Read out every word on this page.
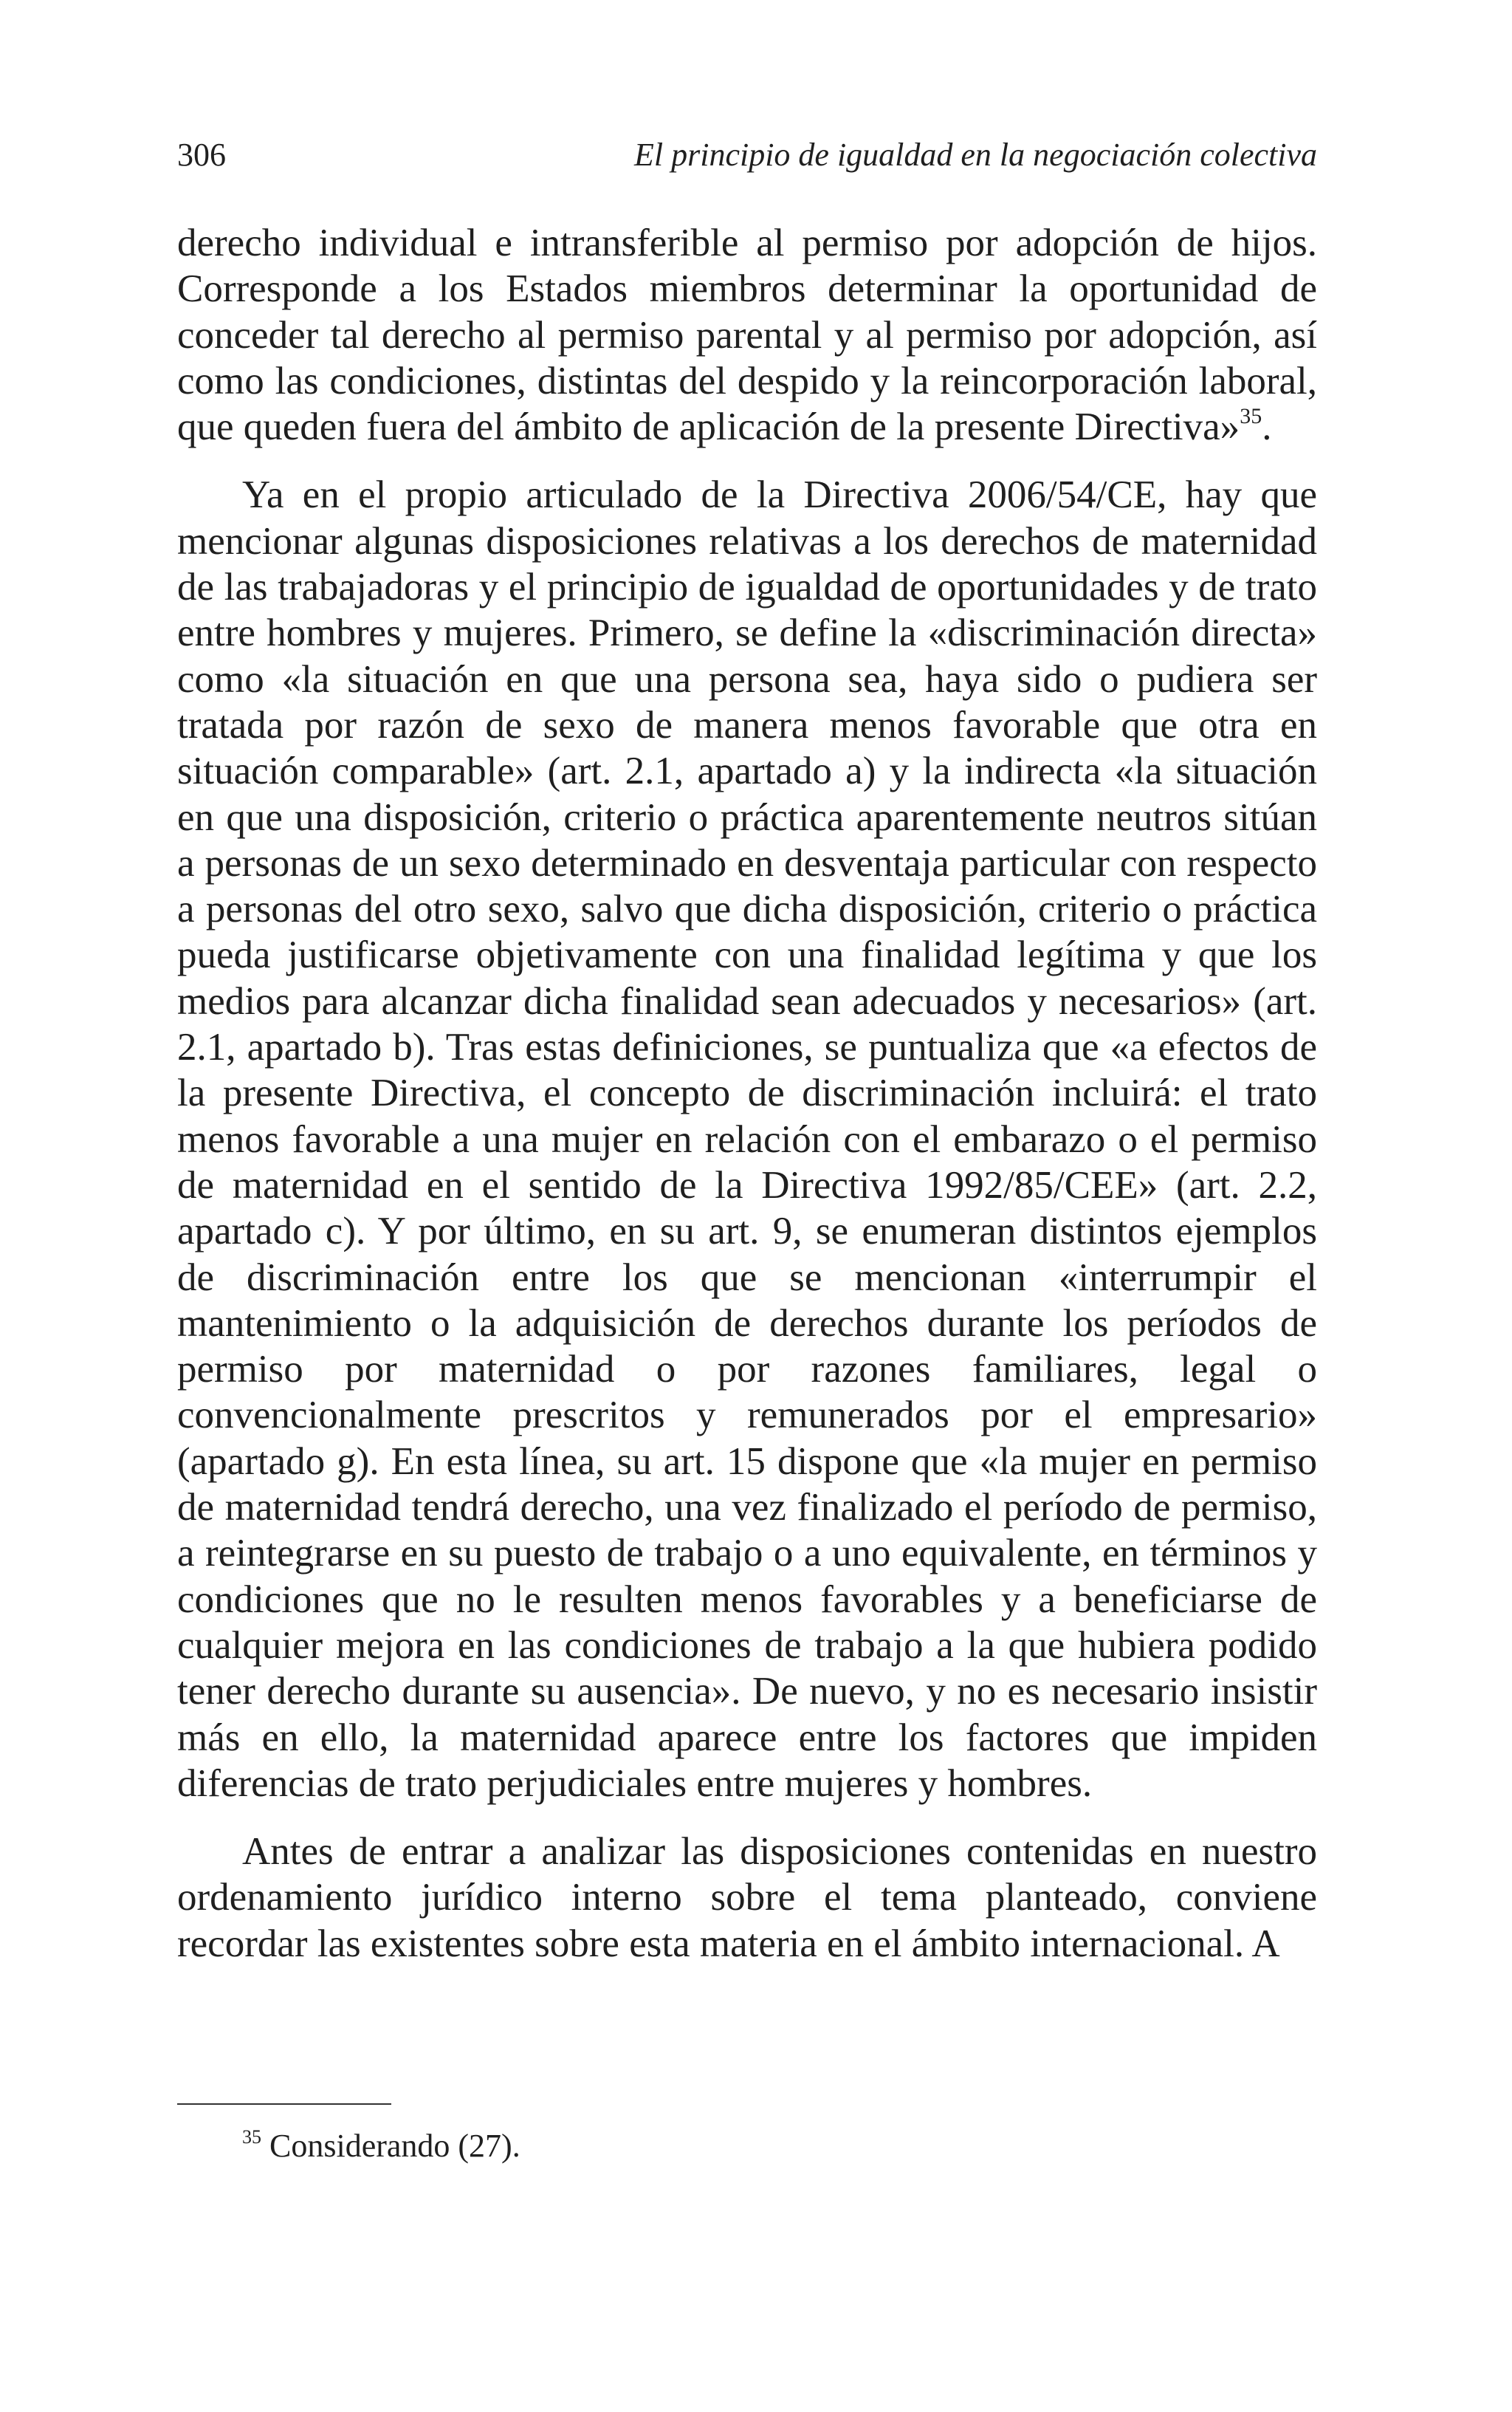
306	El principio de igualdad en la negociación colectiva

derecho individual e intransferible al permiso por adopción de hijos. Corresponde a los Estados miembros determinar la oportunidad de conceder tal derecho al permiso parental y al permiso por adopción, así como las condiciones, distintas del despido y la reincorporación laboral, que queden fuera del ámbito de aplicación de la presente Directiva»$^{35}$.

Ya en el propio articulado de la Directiva 2006/54/CE, hay que mencionar algunas disposiciones relativas a los derechos de maternidad de las trabajadoras y el principio de igualdad de oportunidades y de trato entre hombres y mujeres. Primero, se define la «discriminación directa» como «la situación en que una persona sea, haya sido o pudiera ser tratada por razón de sexo de manera menos favorable que otra en situación comparable» (art. 2.1, apartado a) y la indirecta «la situación en que una disposición, criterio o práctica aparentemente neutros sitúan a personas de un sexo determinado en desventaja particular con respecto a personas del otro sexo, salvo que dicha disposición, criterio o práctica pueda justificarse objetivamente con una finalidad legítima y que los medios para alcanzar dicha finalidad sean adecuados y necesarios» (art. 2.1, apartado b). Tras estas definiciones, se puntualiza que «a efectos de la presente Directiva, el concepto de discriminación incluirá: el trato menos favorable a una mujer en relación con el embarazo o el permiso de maternidad en el sentido de la Directiva 1992/85/CEE» (art. 2.2, apartado c). Y por último, en su art. 9, se enumeran distintos ejemplos de discriminación entre los que se mencionan «interrumpir el mantenimiento o la adquisición de derechos durante los períodos de permiso por maternidad o por razones familiares, legal o convencionalmente prescritos y remunerados por el empresario» (apartado g). En esta línea, su art. 15 dispone que «la mujer en permiso de maternidad tendrá derecho, una vez finalizado el período de permiso, a reintegrarse en su puesto de trabajo o a uno equivalente, en términos y condiciones que no le resulten menos favorables y a beneficiarse de cualquier mejora en las condiciones de trabajo a la que hubiera podido tener derecho durante su ausencia». De nuevo, y no es necesario insistir más en ello, la maternidad aparece entre los factores que impiden diferencias de trato perjudiciales entre mujeres y hombres.

Antes de entrar a analizar las disposiciones contenidas en nuestro ordenamiento jurídico interno sobre el tema planteado, conviene recordar las existentes sobre esta materia en el ámbito internacional. A

$^{35}$ Considerando (27).
